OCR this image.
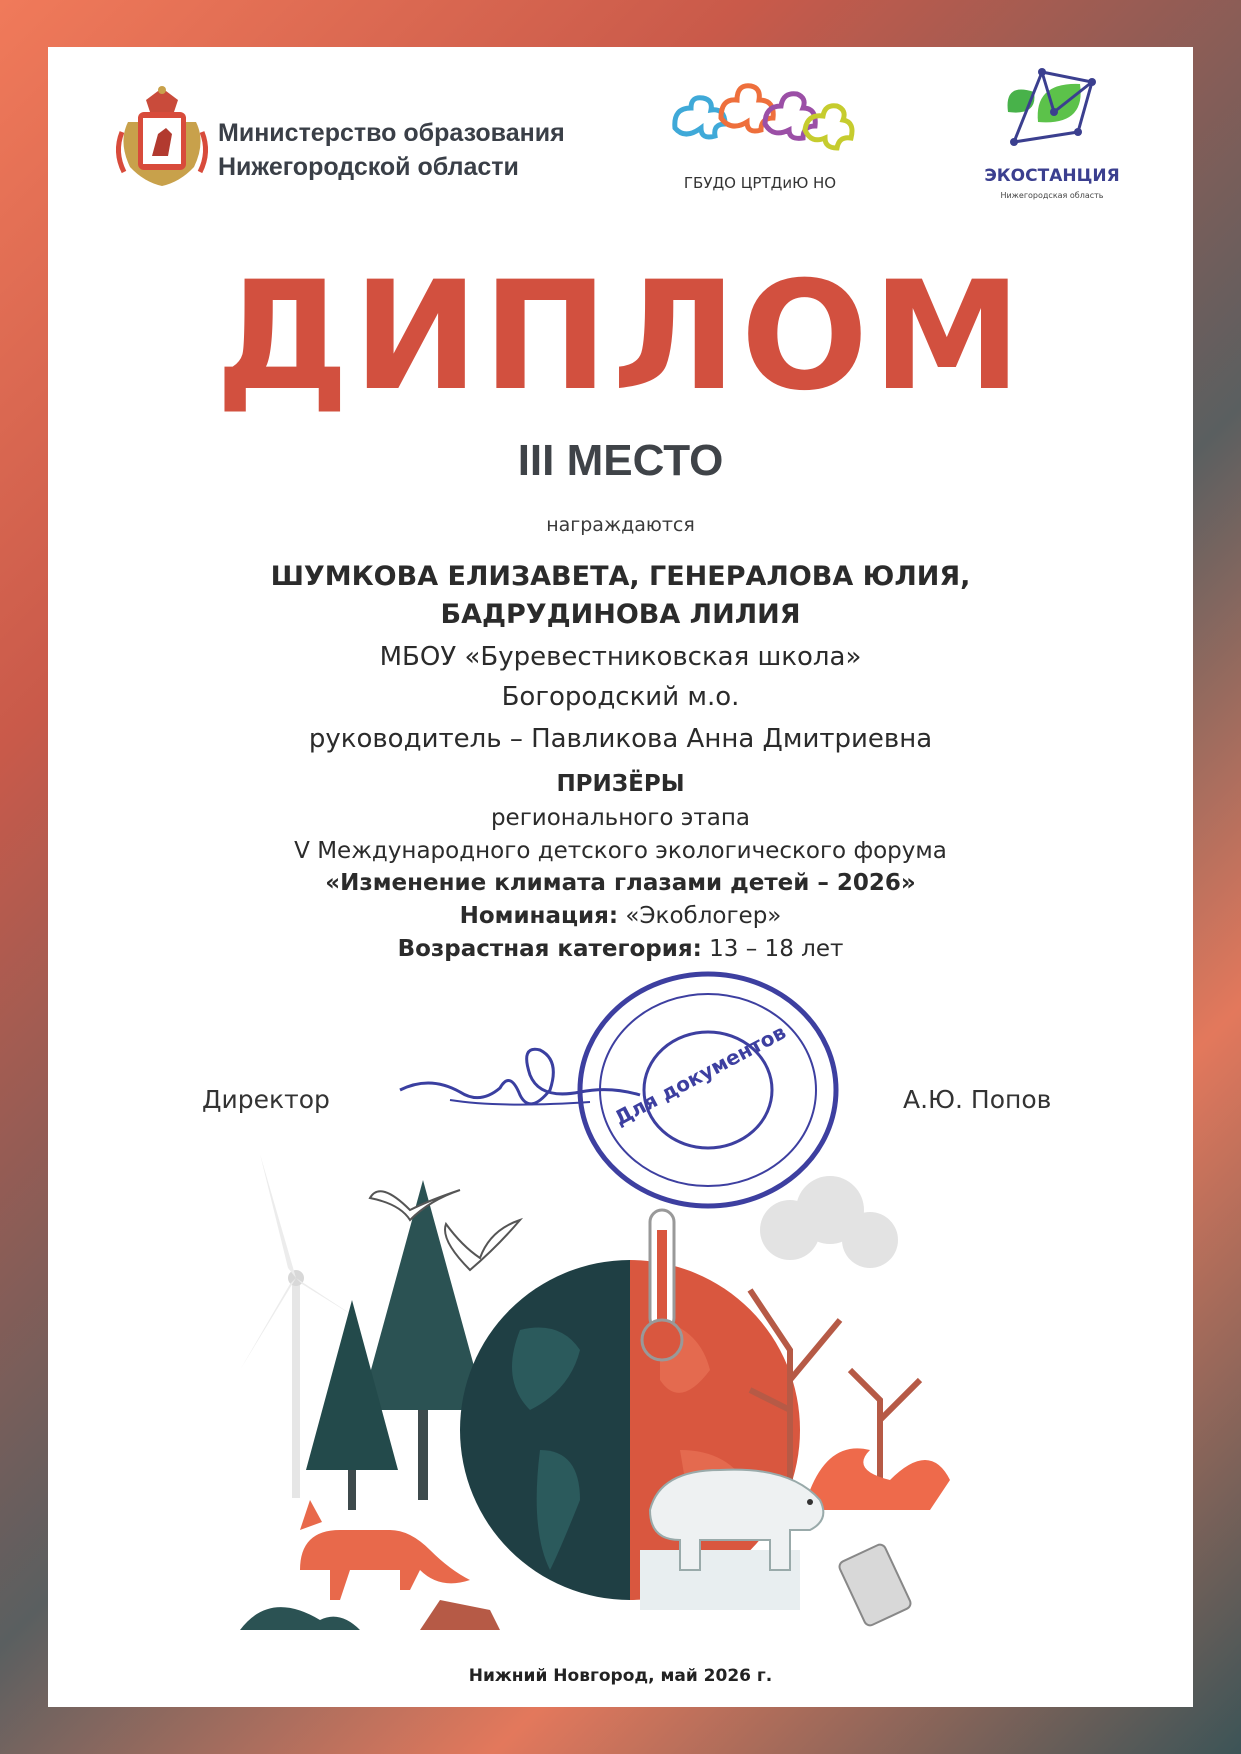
Министерство образования
Нижегородской области
ГБУДО ЦРТДиЮ НО	ЭКОСТАНЦИЯ
Нижегородская область
ДИПЛОМ
III МЕСТО
награждаются
ШУМКОВА ЕЛИЗАВЕТА, ГЕНЕРАЛОВА ЮЛИЯ,
БАДРУДИНОВА ЛИЛИЯ
МБОУ «Буревестниковская школа»
Богородский м.о.
руководитель – Павликова Анна Дмитриевна
ПРИЗЁРЫ
регионального этапа
V Международного детского экологического форума
«Изменение климата глазами детей – 2026»
Номинация: «Экоблогер»
Возрастная категория: 13 – 18 лет
Директор	А.Ю. Попов
Для документов
Нижний Новгород, май 2026 г.
